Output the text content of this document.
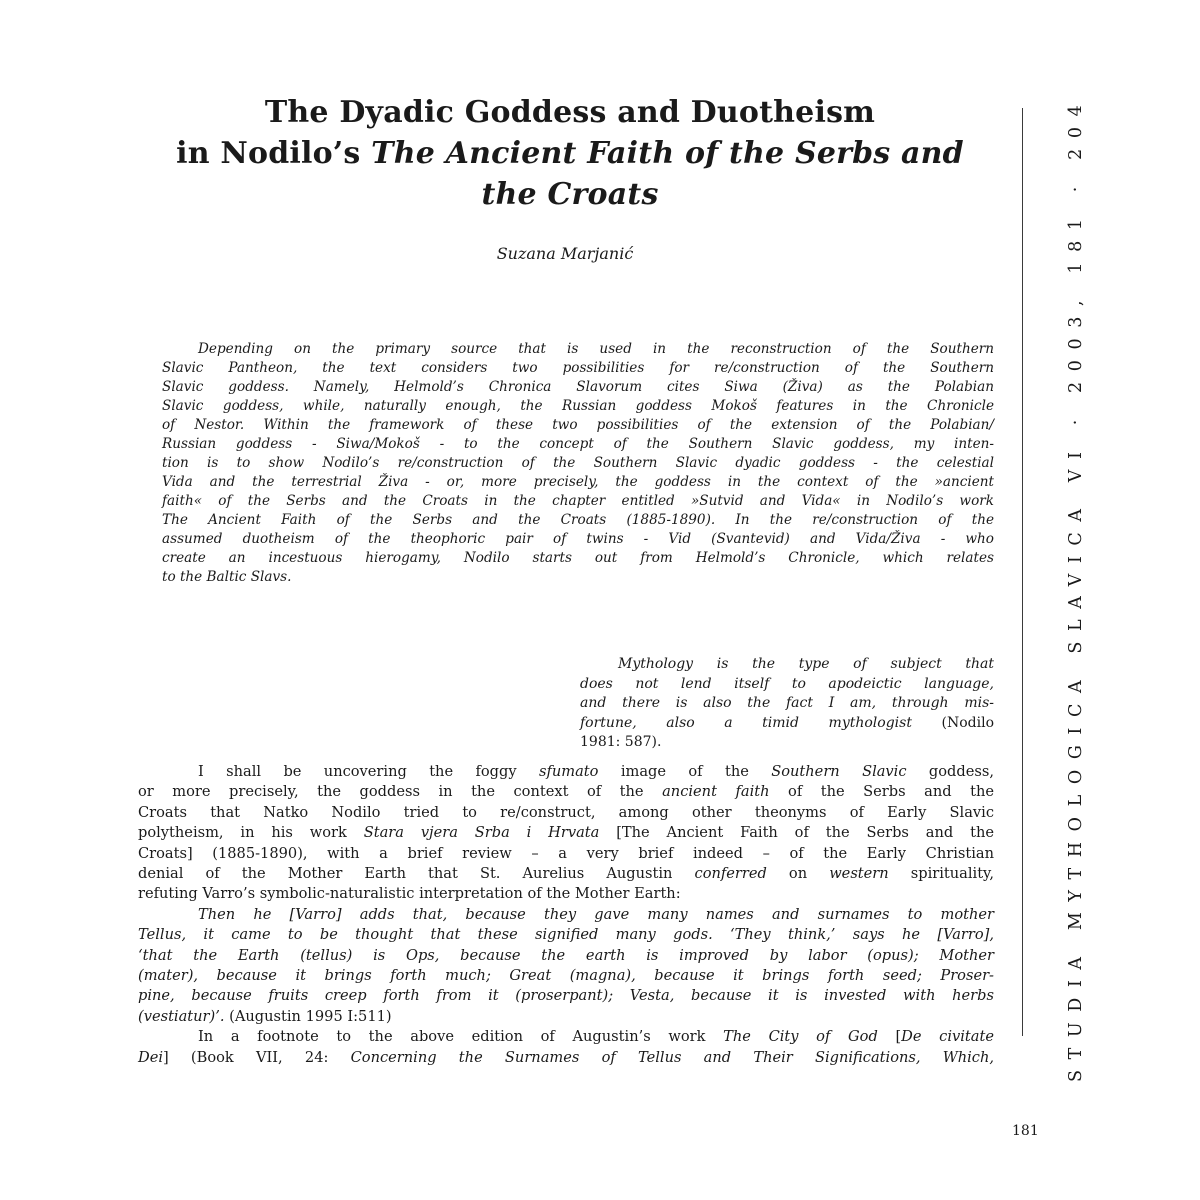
The Dyadic Goddess and Duotheism
in Nodilo’s The Ancient Faith of the Serbs and
the Croats
Suzana Marjanić
Depending on the primary source that is used in the reconstruction of the Southern
Slavic Pantheon, the text considers two possibilities for re/construction of the Southern
Slavic goddess. Namely, Helmold’s Chronica Slavorum cites Siwa (Živa) as the Polabian
Slavic goddess, while, naturally enough, the Russian goddess Mokoš features in the Chronicle
of Nestor. Within the framework of these two possibilities of the extension of the Polabian/
Russian goddess - Siwa/Mokoš - to the concept of the Southern Slavic goddess, my inten-
tion is to show Nodilo’s re/construction of the Southern Slavic dyadic goddess - the celestial
Vida and the terrestrial Živa - or, more precisely, the goddess in the context of the »ancient
faith« of the Serbs and the Croats in the chapter entitled »Sutvid and Vida« in Nodilo’s work
The Ancient Faith of the Serbs and the Croats (1885-1890). In the re/construction of the
assumed duotheism of the theophoric pair of twins - Vid (Svantevid) and Vida/Živa - who
create an incestuous hierogamy, Nodilo starts out from Helmold’s Chronicle, which relates
to the Baltic Slavs.
Mythology is the type of subject that
does not lend itself to apodeictic language,
and there is also the fact I am, through mis-
fortune, also a timid mythologist (Nodilo
1981: 587).
I shall be uncovering the foggy sfumato image of the Southern Slavic goddess,
or more precisely, the goddess in the context of the ancient faith of the Serbs and the
Croats that Natko Nodilo tried to re/construct, among other theonyms of Early Slavic
polytheism, in his work Stara vjera Srba i Hrvata [The Ancient Faith of the Serbs and the
Croats] (1885-1890), with a brief review – a very brief indeed – of the Early Christian
denial of the Mother Earth that St. Aurelius Augustin conferred on western spirituality,
refuting Varro’s symbolic-naturalistic interpretation of the Mother Earth:
Then he [Varro] adds that, because they gave many names and surnames to mother
Tellus, it came to be thought that these signified many gods. ‘They think,’ says he [Varro],
‘that the Earth (tellus) is Ops, because the earth is improved by labor (opus); Mother
(mater), because it brings forth much; Great (magna), because it brings forth seed; Proser-
pine, because fruits creep forth from it (proserpant); Vesta, because it is invested with herbs
(vestiatur)’. (Augustin 1995 I:511)
In a footnote to the above edition of Augustin’s work The City of God [De civitate
Dei] (Book VII, 24: Concerning the Surnames of Tellus and Their Significations, Which,
STUDIA MYTHOLOGICA SLAVICA VI · 2003, 181 · 204
181
